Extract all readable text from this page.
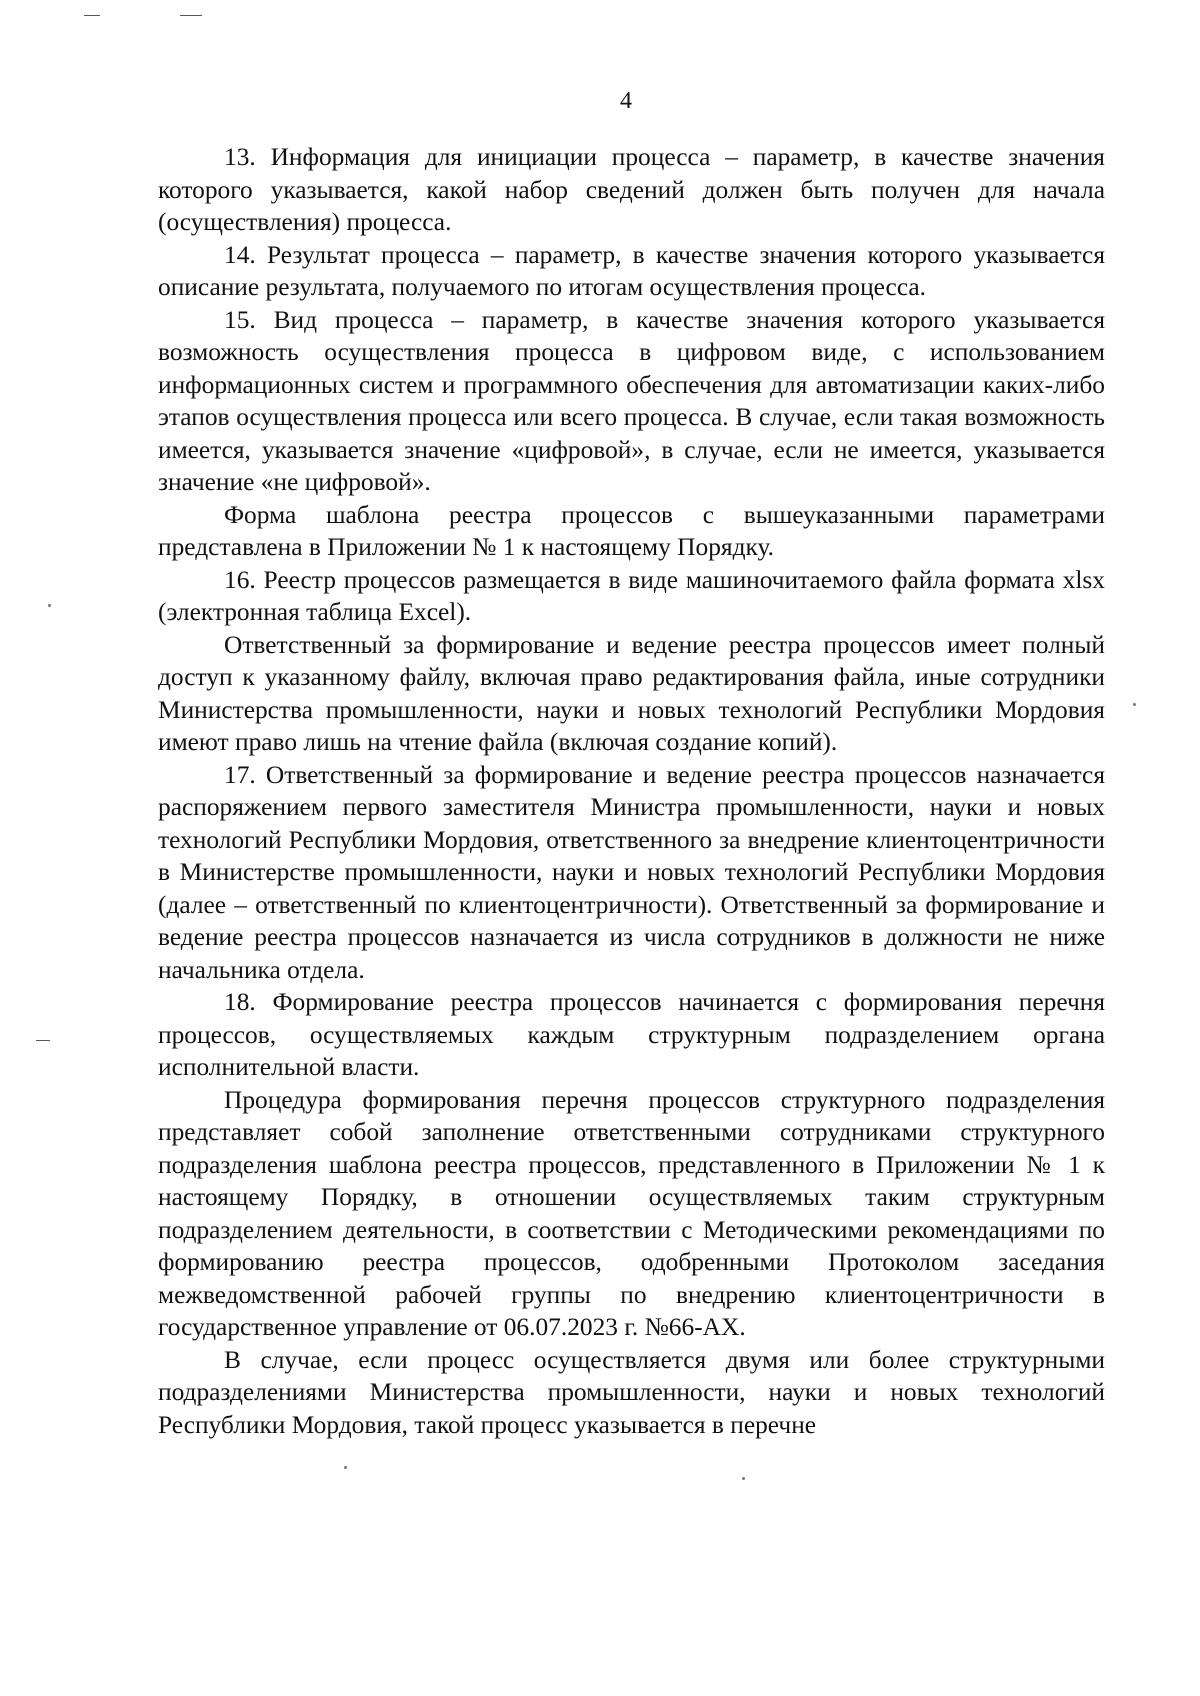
4

13. Информация для инициации процесса – параметр, в качестве значения которого указывается, какой набор сведений должен быть получен для начала (осуществления) процесса.

14. Результат процесса – параметр, в качестве значения которого указывается описание результата, получаемого по итогам осуществления процесса.

15. Вид процесса – параметр, в качестве значения которого указывается возможность осуществления процесса в цифровом виде, с использованием информационных систем и программного обеспечения для автоматизации каких-либо этапов осуществления процесса или всего процесса. В случае, если такая возможность имеется, указывается значение «цифровой», в случае, если не имеется, указывается значение «не цифровой».

Форма шаблона реестра процессов с вышеуказанными параметрами представлена в Приложении № 1 к настоящему Порядку.

16. Реестр процессов размещается в виде машиночитаемого файла формата xlsx (электронная таблица Excel).

Ответственный за формирование и ведение реестра процессов имеет полный доступ к указанному файлу, включая право редактирования файла, иные сотрудники Министерства промышленности, науки и новых технологий Республики Мордовия имеют право лишь на чтение файла (включая создание копий).

17. Ответственный за формирование и ведение реестра процессов назначается распоряжением первого заместителя Министра промышленности, науки и новых технологий Республики Мордовия, ответственного за внедрение клиентоцентричности в Министерстве промышленности, науки и новых технологий Республики Мордовия (далее – ответственный по клиентоцентричности). Ответственный за формирование и ведение реестра процессов назначается из числа сотрудников в должности не ниже начальника отдела.

18. Формирование реестра процессов начинается с формирования перечня процессов, осуществляемых каждым структурным подразделением органа исполнительной власти.

Процедура формирования перечня процессов структурного подразделения представляет собой заполнение ответственными сотрудниками структурного подразделения шаблона реестра процессов, представленного в Приложении № 1 к настоящему Порядку, в отношении осуществляемых таким структурным подразделением деятельности, в соответствии с Методическими рекомендациями по формированию реестра процессов, одобренными Протоколом заседания межведомственной рабочей группы по внедрению клиентоцентричности в государственное управление от 06.07.2023 г. №66-АХ.

В случае, если процесс осуществляется двумя или более структурными подразделениями Министерства промышленности, науки и новых технологий Республики Мордовия, такой процесс указывается в перечне
